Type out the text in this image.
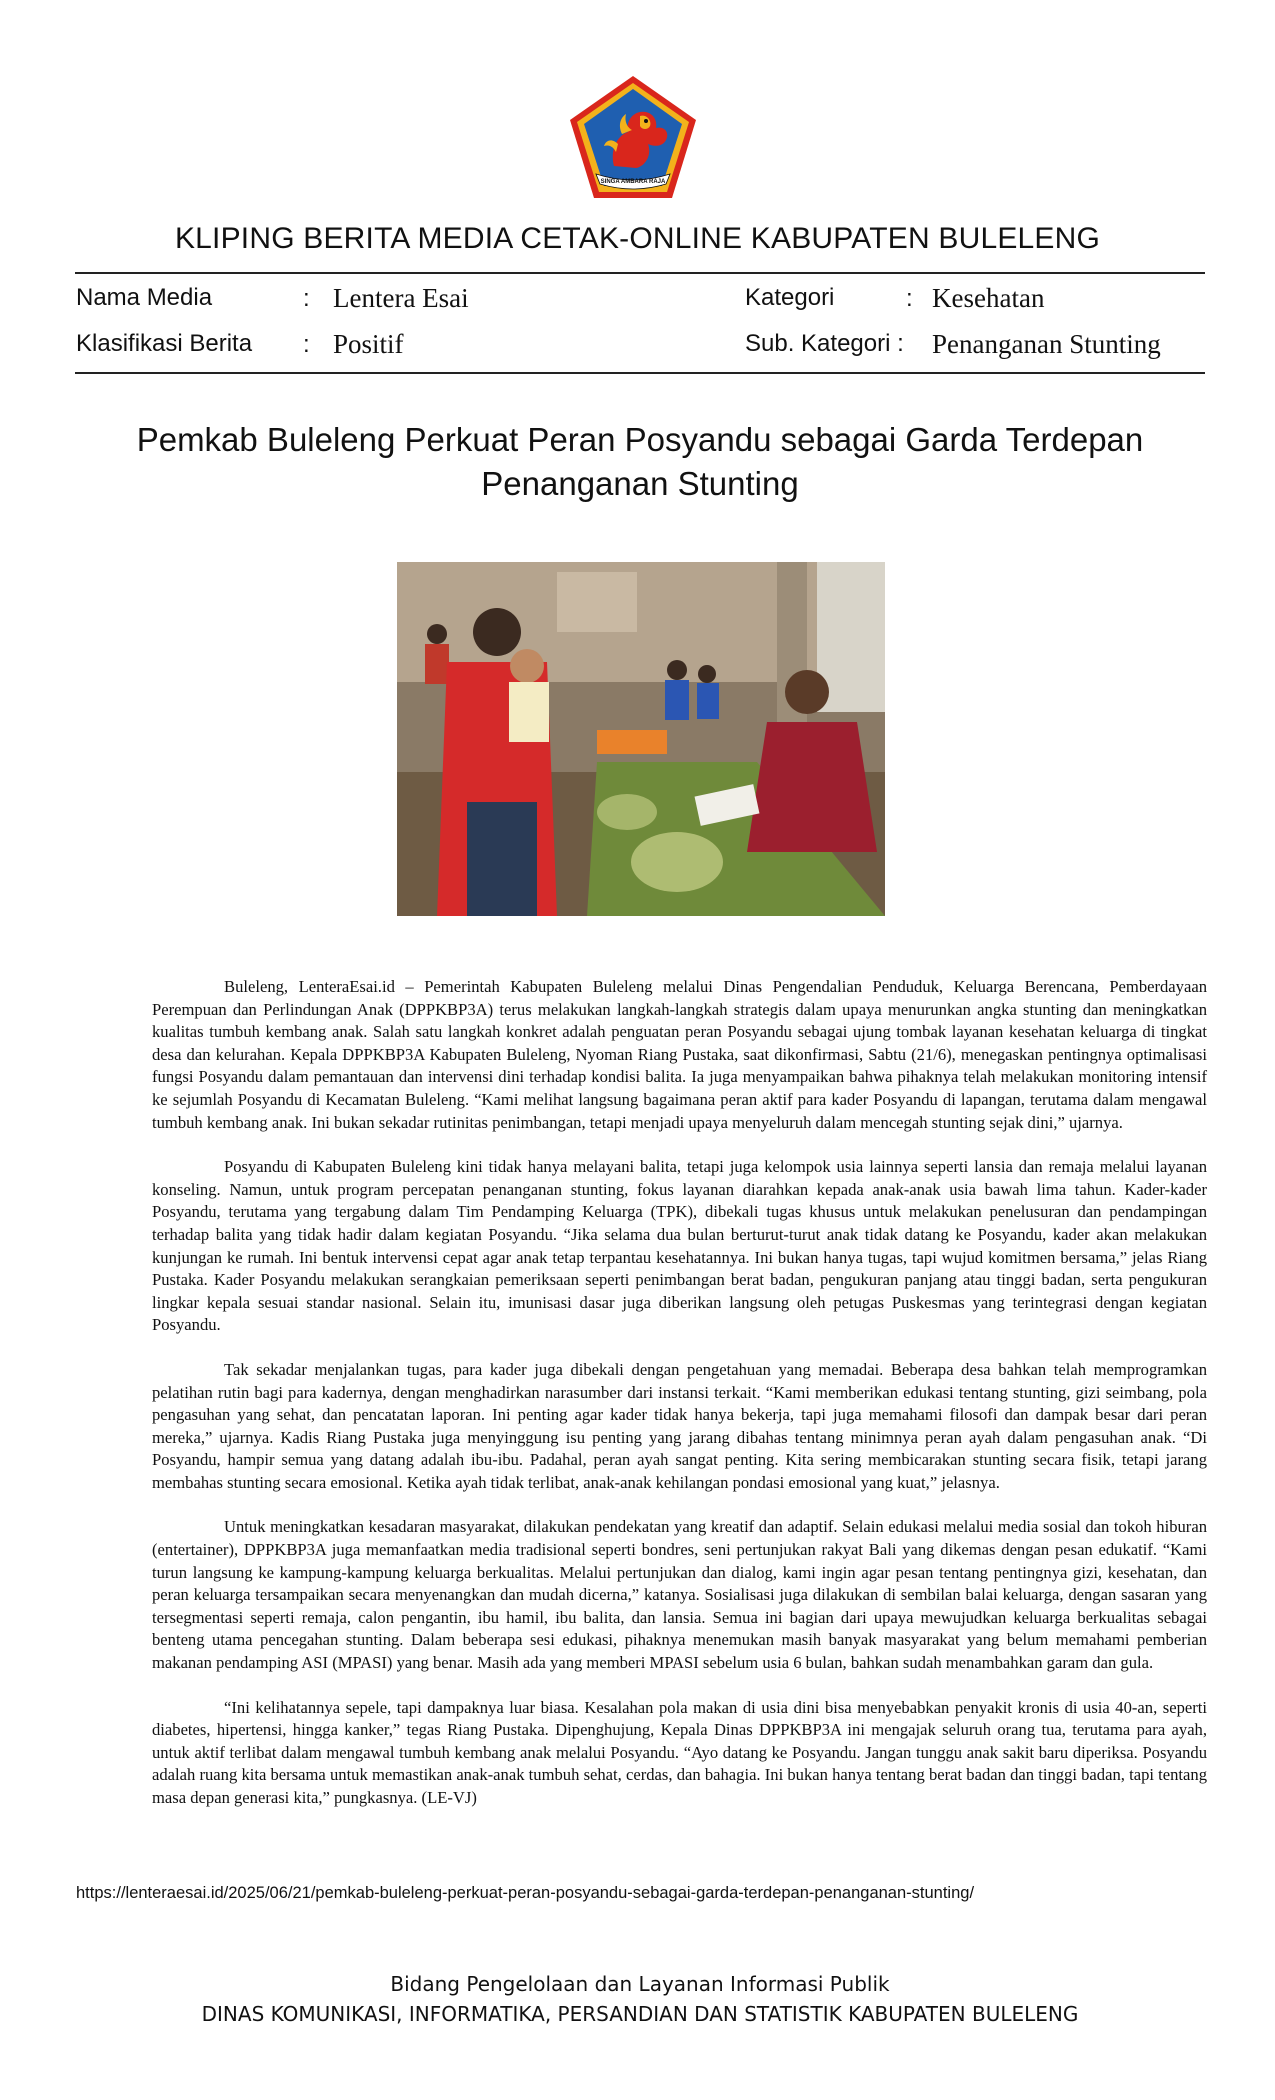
SINGA AMBARA RAJA
KLIPING BERITA MEDIA CETAK-ONLINE KABUPATEN BULELENG
Nama Media	: Lentera Esai	Kategori	: Kesehatan
Klasifikasi Berita : Positif	Sub. Kategori : Penanganan Stunting
Pemkab Buleleng Perkuat Peran Posyandu sebagai Garda Terdepan
Penanganan Stunting

Buleleng, LenteraEsai.id – Pemerintah Kabupaten Buleleng melalui Dinas Pengendalian Penduduk, Keluarga Berencana, Pemberdayaan Perempuan dan Perlindungan Anak (DPPKBP3A) terus melakukan langkah-langkah strategis dalam upaya menurunkan angka stunting dan meningkatkan kualitas tumbuh kembang anak. Salah satu langkah konkret adalah penguatan peran Posyandu sebagai ujung tombak layanan kesehatan keluarga di tingkat desa dan kelurahan. Kepala DPPKBP3A Kabupaten Buleleng, Nyoman Riang Pustaka, saat dikonfirmasi, Sabtu (21/6), menegaskan pentingnya optimalisasi fungsi Posyandu dalam pemantauan dan intervensi dini terhadap kondisi balita. Ia juga menyampaikan bahwa pihaknya telah melakukan monitoring intensif ke sejumlah Posyandu di Kecamatan Buleleng. “Kami melihat langsung bagaimana peran aktif para kader Posyandu di lapangan, terutama dalam mengawal tumbuh kembang anak. Ini bukan sekadar rutinitas penimbangan, tetapi menjadi upaya menyeluruh dalam mencegah stunting sejak dini,” ujarnya.

Posyandu di Kabupaten Buleleng kini tidak hanya melayani balita, tetapi juga kelompok usia lainnya seperti lansia dan remaja melalui layanan konseling. Namun, untuk program percepatan penanganan stunting, fokus layanan diarahkan kepada anak-anak usia bawah lima tahun. Kader-kader Posyandu, terutama yang tergabung dalam Tim Pendamping Keluarga (TPK), dibekali tugas khusus untuk melakukan penelusuran dan pendampingan terhadap balita yang tidak hadir dalam kegiatan Posyandu. “Jika selama dua bulan berturut-turut anak tidak datang ke Posyandu, kader akan melakukan kunjungan ke rumah. Ini bentuk intervensi cepat agar anak tetap terpantau kesehatannya. Ini bukan hanya tugas, tapi wujud komitmen bersama,” jelas Riang Pustaka. Kader Posyandu melakukan serangkaian pemeriksaan seperti penimbangan berat badan, pengukuran panjang atau tinggi badan, serta pengukuran lingkar kepala sesuai standar nasional. Selain itu, imunisasi dasar juga diberikan langsung oleh petugas Puskesmas yang terintegrasi dengan kegiatan Posyandu.

Tak sekadar menjalankan tugas, para kader juga dibekali dengan pengetahuan yang memadai. Beberapa desa bahkan telah memprogramkan pelatihan rutin bagi para kadernya, dengan menghadirkan narasumber dari instansi terkait. “Kami memberikan edukasi tentang stunting, gizi seimbang, pola pengasuhan yang sehat, dan pencatatan laporan. Ini penting agar kader tidak hanya bekerja, tapi juga memahami filosofi dan dampak besar dari peran mereka,” ujarnya. Kadis Riang Pustaka juga menyinggung isu penting yang jarang dibahas tentang minimnya peran ayah dalam pengasuhan anak. “Di Posyandu, hampir semua yang datang adalah ibu-ibu. Padahal, peran ayah sangat penting. Kita sering membicarakan stunting secara fisik, tetapi jarang membahas stunting secara emosional. Ketika ayah tidak terlibat, anak-anak kehilangan pondasi emosional yang kuat,” jelasnya.

Untuk meningkatkan kesadaran masyarakat, dilakukan pendekatan yang kreatif dan adaptif. Selain edukasi melalui media sosial dan tokoh hiburan (entertainer), DPPKBP3A juga memanfaatkan media tradisional seperti bondres, seni pertunjukan rakyat Bali yang dikemas dengan pesan edukatif. “Kami turun langsung ke kampung-kampung keluarga berkualitas. Melalui pertunjukan dan dialog, kami ingin agar pesan tentang pentingnya gizi, kesehatan, dan peran keluarga tersampaikan secara menyenangkan dan mudah dicerna,” katanya. Sosialisasi juga dilakukan di sembilan balai keluarga, dengan sasaran yang tersegmentasi seperti remaja, calon pengantin, ibu hamil, ibu balita, dan lansia. Semua ini bagian dari upaya mewujudkan keluarga berkualitas sebagai benteng utama pencegahan stunting. Dalam beberapa sesi edukasi, pihaknya menemukan masih banyak masyarakat yang belum memahami pemberian makanan pendamping ASI (MPASI) yang benar. Masih ada yang memberi MPASI sebelum usia 6 bulan, bahkan sudah menambahkan garam dan gula.

“Ini kelihatannya sepele, tapi dampaknya luar biasa. Kesalahan pola makan di usia dini bisa menyebabkan penyakit kronis di usia 40-an, seperti diabetes, hipertensi, hingga kanker,” tegas Riang Pustaka. Dipenghujung, Kepala Dinas DPPKBP3A ini mengajak seluruh orang tua, terutama para ayah, untuk aktif terlibat dalam mengawal tumbuh kembang anak melalui Posyandu. “Ayo datang ke Posyandu. Jangan tunggu anak sakit baru diperiksa. Posyandu adalah ruang kita bersama untuk memastikan anak-anak tumbuh sehat, cerdas, dan bahagia. Ini bukan hanya tentang berat badan dan tinggi badan, tapi tentang masa depan generasi kita,” pungkasnya. (LE-VJ)

https://lenteraesai.id/2025/06/21/pemkab-buleleng-perkuat-peran-posyandu-sebagai-garda-terdepan-penanganan-stunting/
Bidang Pengelolaan dan Layanan Informasi Publik
DINAS KOMUNIKASI, INFORMATIKA, PERSANDIAN DAN STATISTIK KABUPATEN BULELENG
